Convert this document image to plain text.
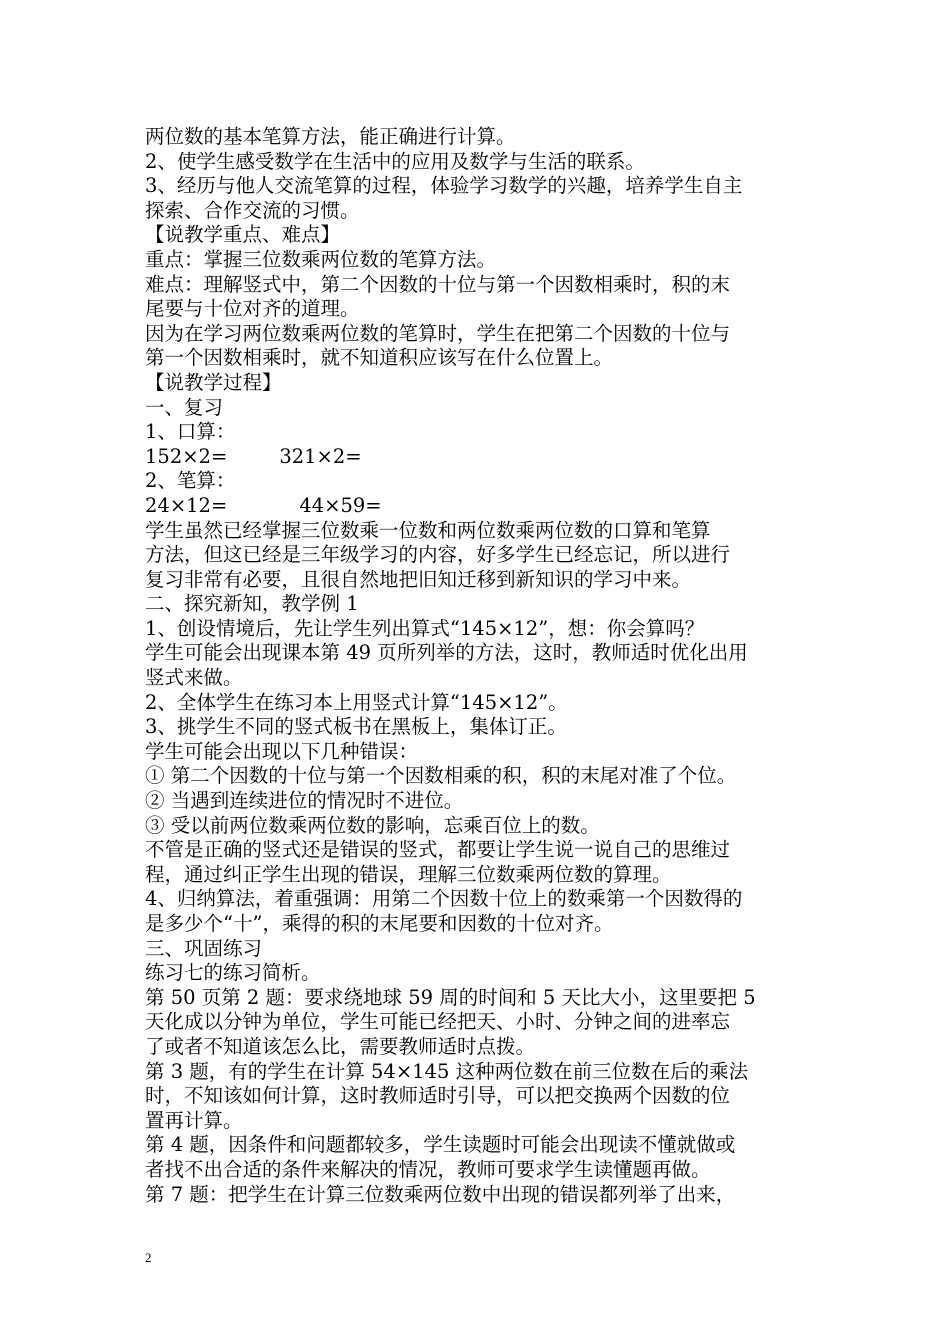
两位数的基本笔算方法，能正确进行计算。
2、使学生感受数学在生活中的应用及数学与生活的联系。
3、经历与他人交流笔算的过程，体验学习数学的兴趣，培养学生自主
探索、合作交流的习惯。
【说教学重点、难点】
重点：掌握三位数乘两位数的笔算方法。
难点：理解竖式中，第二个因数的十位与第一个因数相乘时，积的末
尾要与十位对齐的道理。
因为在学习两位数乘两位数的笔算时，学生在把第二个因数的十位与
第一个因数相乘时，就不知道积应该写在什么位置上。
【说教学过程】
一、复习
1、口算：
152×2=	321×2=
2、笔算：
24×12=	44×59=
学生虽然已经掌握三位数乘一位数和两位数乘两位数的口算和笔算
方法，但这已经是三年级学习的内容，好多学生已经忘记，所以进行
复习非常有必要，且很自然地把旧知迁移到新知识的学习中来。
二、探究新知，教学例 1
1、创设情境后，先让学生列出算式“145×12”，想：你会算吗？
学生可能会出现课本第 49 页所列举的方法，这时，教师适时优化出用
竖式来做。
2、全体学生在练习本上用竖式计算“145×12”。
3、挑学生不同的竖式板书在黑板上，集体订正。
学生可能会出现以下几种错误：
① 第二个因数的十位与第一个因数相乘的积，积的末尾对准了个位。
② 当遇到连续进位的情况时不进位。
③ 受以前两位数乘两位数的影响，忘乘百位上的数。
不管是正确的竖式还是错误的竖式，都要让学生说一说自己的思维过
程，通过纠正学生出现的错误，理解三位数乘两位数的算理。
4、归纳算法，着重强调：用第二个因数十位上的数乘第一个因数得的
是多少个“十”，乘得的积的末尾要和因数的十位对齐。
三、巩固练习
练习七的练习简析。
第 50 页第 2 题：要求绕地球 59 周的时间和 5 天比大小，这里要把 5
天化成以分钟为单位，学生可能已经把天、小时、分钟之间的进率忘
了或者不知道该怎么比，需要教师适时点拨。
第 3 题，有的学生在计算 54×145 这种两位数在前三位数在后的乘法
时，不知该如何计算，这时教师适时引导，可以把交换两个因数的位
置再计算。
第 4 题，因条件和问题都较多，学生读题时可能会出现读不懂就做或
者找不出合适的条件来解决的情况，教师可要求学生读懂题再做。
第 7 题：把学生在计算三位数乘两位数中出现的错误都列举了出来，
2
